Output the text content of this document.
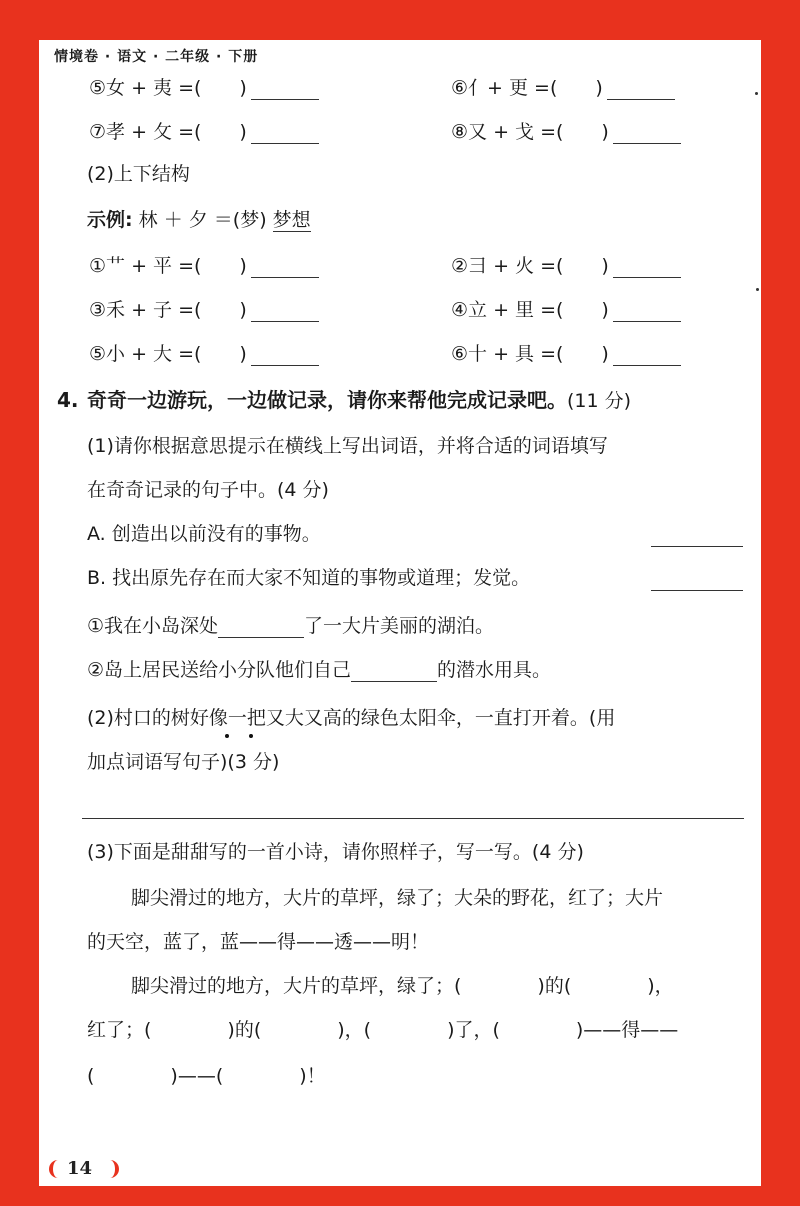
情境卷 · 语文 · 二年级 · 下册
⑤女 + 夷 =(　　)	⑥亻+ 更 =(　　)
⑦孝 + 攵 =(　　)	⑧又 + 戈 =(　　)
(2)上下结构
示例: 林 ＋ 夕 ＝(梦) 梦想
①艹 + 平 =(　　)	②彐 + 火 =(　　)
③禾 + 子 =(　　)	④立 + 里 =(　　)
⑤小 + 大 =(　　)	⑥十 + 具 =(　　)
4. 奇奇一边游玩，一边做记录，请你来帮他完成记录吧。(11 分)
(1)请你根据意思提示在横线上写出词语，并将合适的词语填写
在奇奇记录的句子中。(4 分)
A. 创造出以前没有的事物。
B. 找出原先存在而大家不知道的事物或道理；发觉。
①我在小岛深处	了一大片美丽的湖泊。
②岛上居民送给小分队他们自己	的潜水用具。
(2)村口的树好像一把又大又高的绿色太阳伞，一直打开着。(用
加点词语写句子)(3 分)
(3)下面是甜甜写的一首小诗，请你照样子，写一写。(4 分)
脚尖滑过的地方，大片的草坪，绿了；大朵的野花，红了；大片
的天空，蓝了，蓝——得——透——明！
脚尖滑过的地方，大片的草坪，绿了；(　　　　)的(　　　　)，
红了；(　　　　)的(　　　　)，(　　　　)了，(　　　　)——得——
(　　　　)——(　　　　)！
14
